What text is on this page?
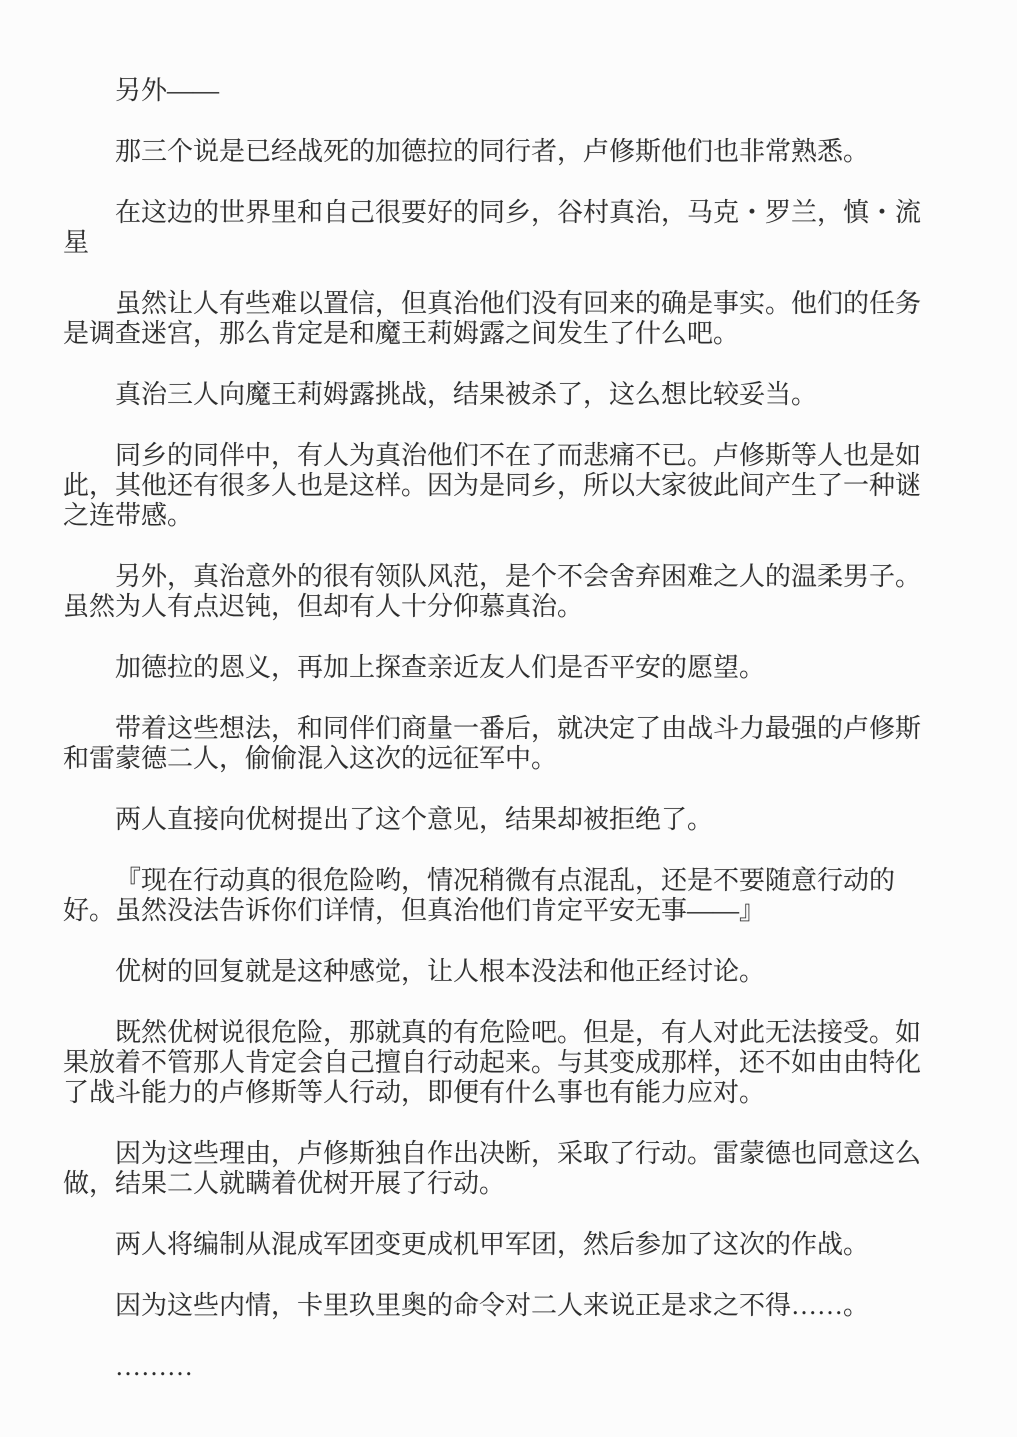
另外——

那三个说是已经战死的加德拉的同行者，卢修斯他们也非常熟悉。

在这边的世界里和自己很要好的同乡，谷村真治，马克・罗兰，慎・流星

虽然让人有些难以置信，但真治他们没有回来的确是事实。他们的任务是调查迷宫，那么肯定是和魔王莉姆露之间发生了什么吧。

真治三人向魔王莉姆露挑战，结果被杀了，这么想比较妥当。

同乡的同伴中，有人为真治他们不在了而悲痛不已。卢修斯等人也是如此，其他还有很多人也是这样。因为是同乡，所以大家彼此间产生了一种谜之连带感。

另外，真治意外的很有领队风范，是个不会舍弃困难之人的温柔男子。虽然为人有点迟钝，但却有人十分仰慕真治。

加德拉的恩义，再加上探查亲近友人们是否平安的愿望。

带着这些想法，和同伴们商量一番后，就决定了由战斗力最强的卢修斯和雷蒙德二人，偷偷混入这次的远征军中。

两人直接向优树提出了这个意见，结果却被拒绝了。

『现在行动真的很危险哟，情况稍微有点混乱，还是不要随意行动的好。虽然没法告诉你们详情，但真治他们肯定平安无事——』

优树的回复就是这种感觉，让人根本没法和他正经讨论。

既然优树说很危险，那就真的有危险吧。但是，有人对此无法接受。如果放着不管那人肯定会自己擅自行动起来。与其变成那样，还不如由由特化了战斗能力的卢修斯等人行动，即便有什么事也有能力应对。

因为这些理由，卢修斯独自作出决断，采取了行动。雷蒙德也同意这么做，结果二人就瞒着优树开展了行动。

两人将编制从混成军团变更成机甲军团，然后参加了这次的作战。

因为这些内情，卡里玖里奥的命令对二人来说正是求之不得……。

………
